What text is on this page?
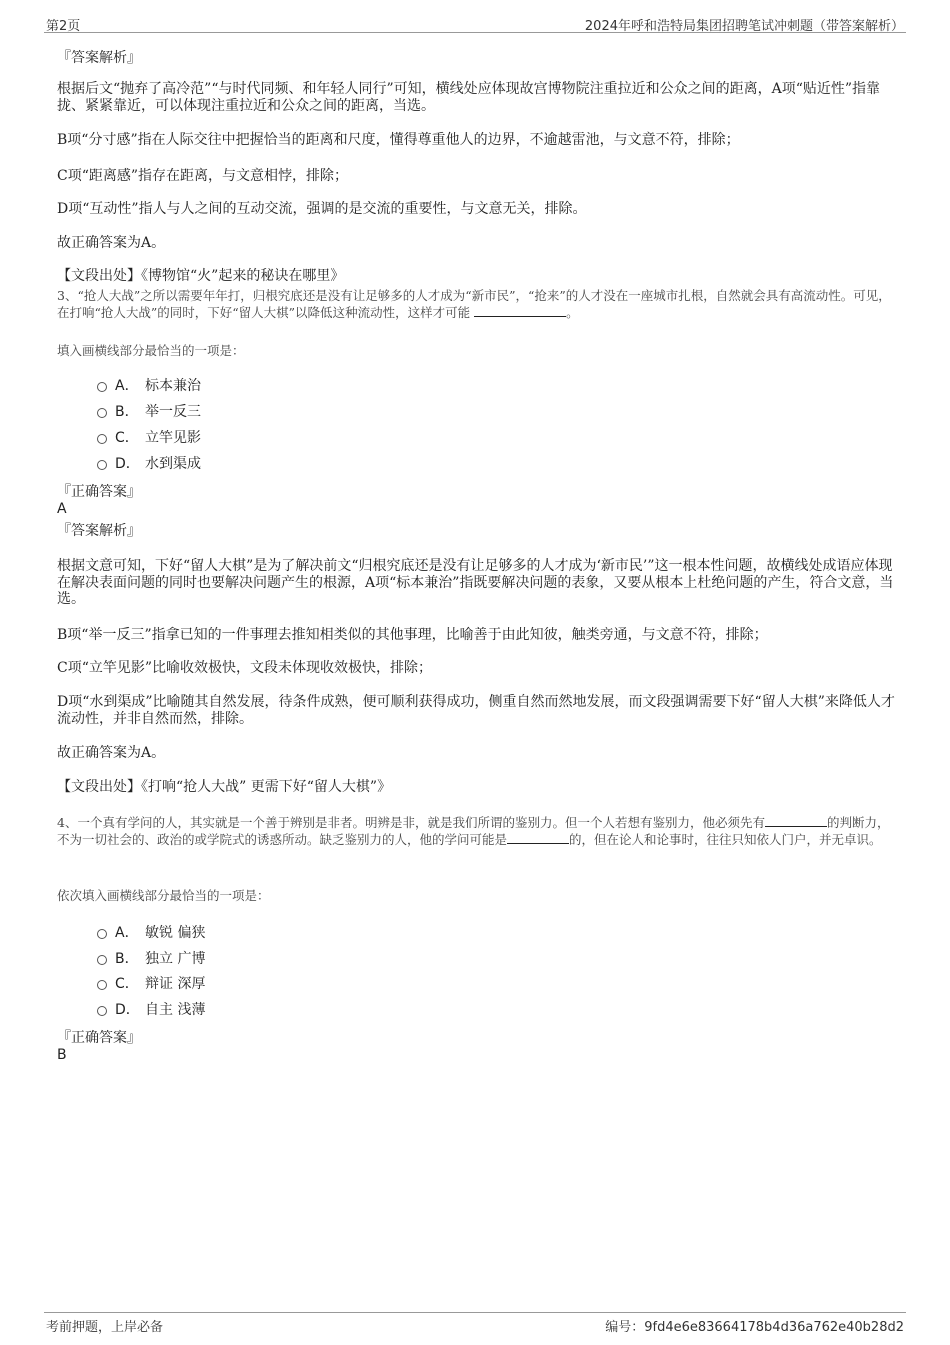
第2页	2024年呼和浩特局集团招聘笔试冲刺题（带答案解析）
『答案解析』
根据后文“抛弃了高冷范”“与时代同频、和年轻人同行”可知，横线处应体现故宫博物院注重拉近和公众之间的距离，A项“贴近性”指靠拢、紧紧靠近，可以体现注重拉近和公众之间的距离，当选。
B项“分寸感”指在人际交往中把握恰当的距离和尺度，懂得尊重他人的边界，不逾越雷池，与文意不符，排除；
C项“距离感”指存在距离，与文意相悖，排除；
D项“互动性”指人与人之间的互动交流，强调的是交流的重要性，与文意无关，排除。
故正确答案为A。
【文段出处】《博物馆“火”起来的秘诀在哪里》
3、“抢人大战”之所以需要年年打，归根究底还是没有让足够多的人才成为“新市民”，“抢来”的人才没在一座城市扎根，自然就会具有高流动性。可见，在打响“抢人大战”的同时，下好“留人大棋”以降低这种流动性，这样才可能	。
填入画横线部分最恰当的一项是：
A． 标本兼治
B． 举一反三
C． 立竿见影
D． 水到渠成
『正确答案』
A
『答案解析』
根据文意可知，下好“留人大棋”是为了解决前文“归根究底还是没有让足够多的人才成为‘新市民’”这一根本性问题，故横线处成语应体现在解决表面问题的同时也要解决问题产生的根源，A项“标本兼治”指既要解决问题的表象，又要从根本上杜绝问题的产生，符合文意，当选。
B项“举一反三”指拿已知的一件事理去推知相类似的其他事理，比喻善于由此知彼，触类旁通，与文意不符，排除；
C项“立竿见影”比喻收效极快，文段未体现收效极快，排除；
D项“水到渠成”比喻随其自然发展，待条件成熟，便可顺利获得成功，侧重自然而然地发展，而文段强调需要下好“留人大棋”来降低人才流动性，并非自然而然，排除。
故正确答案为A。
【文段出处】《打响“抢人大战” 更需下好“留人大棋”》
4、一个真有学问的人，其实就是一个善于辨别是非者。明辨是非，就是我们所谓的鉴别力。但一个人若想有鉴别力，他必须先有	的判断力，不为一切社会的、政治的或学院式的诱惑所动。缺乏鉴别力的人，他的学问可能是	的，但在论人和论事时，往往只知依人门户，并无卓识。
依次填入画横线部分最恰当的一项是：
A． 敏锐 偏狭
B． 独立 广博
C． 辩证 深厚
D． 自主 浅薄
『正确答案』
B
考前押题，上岸必备	编号：9fd4e6e83664178b4d36a762e40b28d2
